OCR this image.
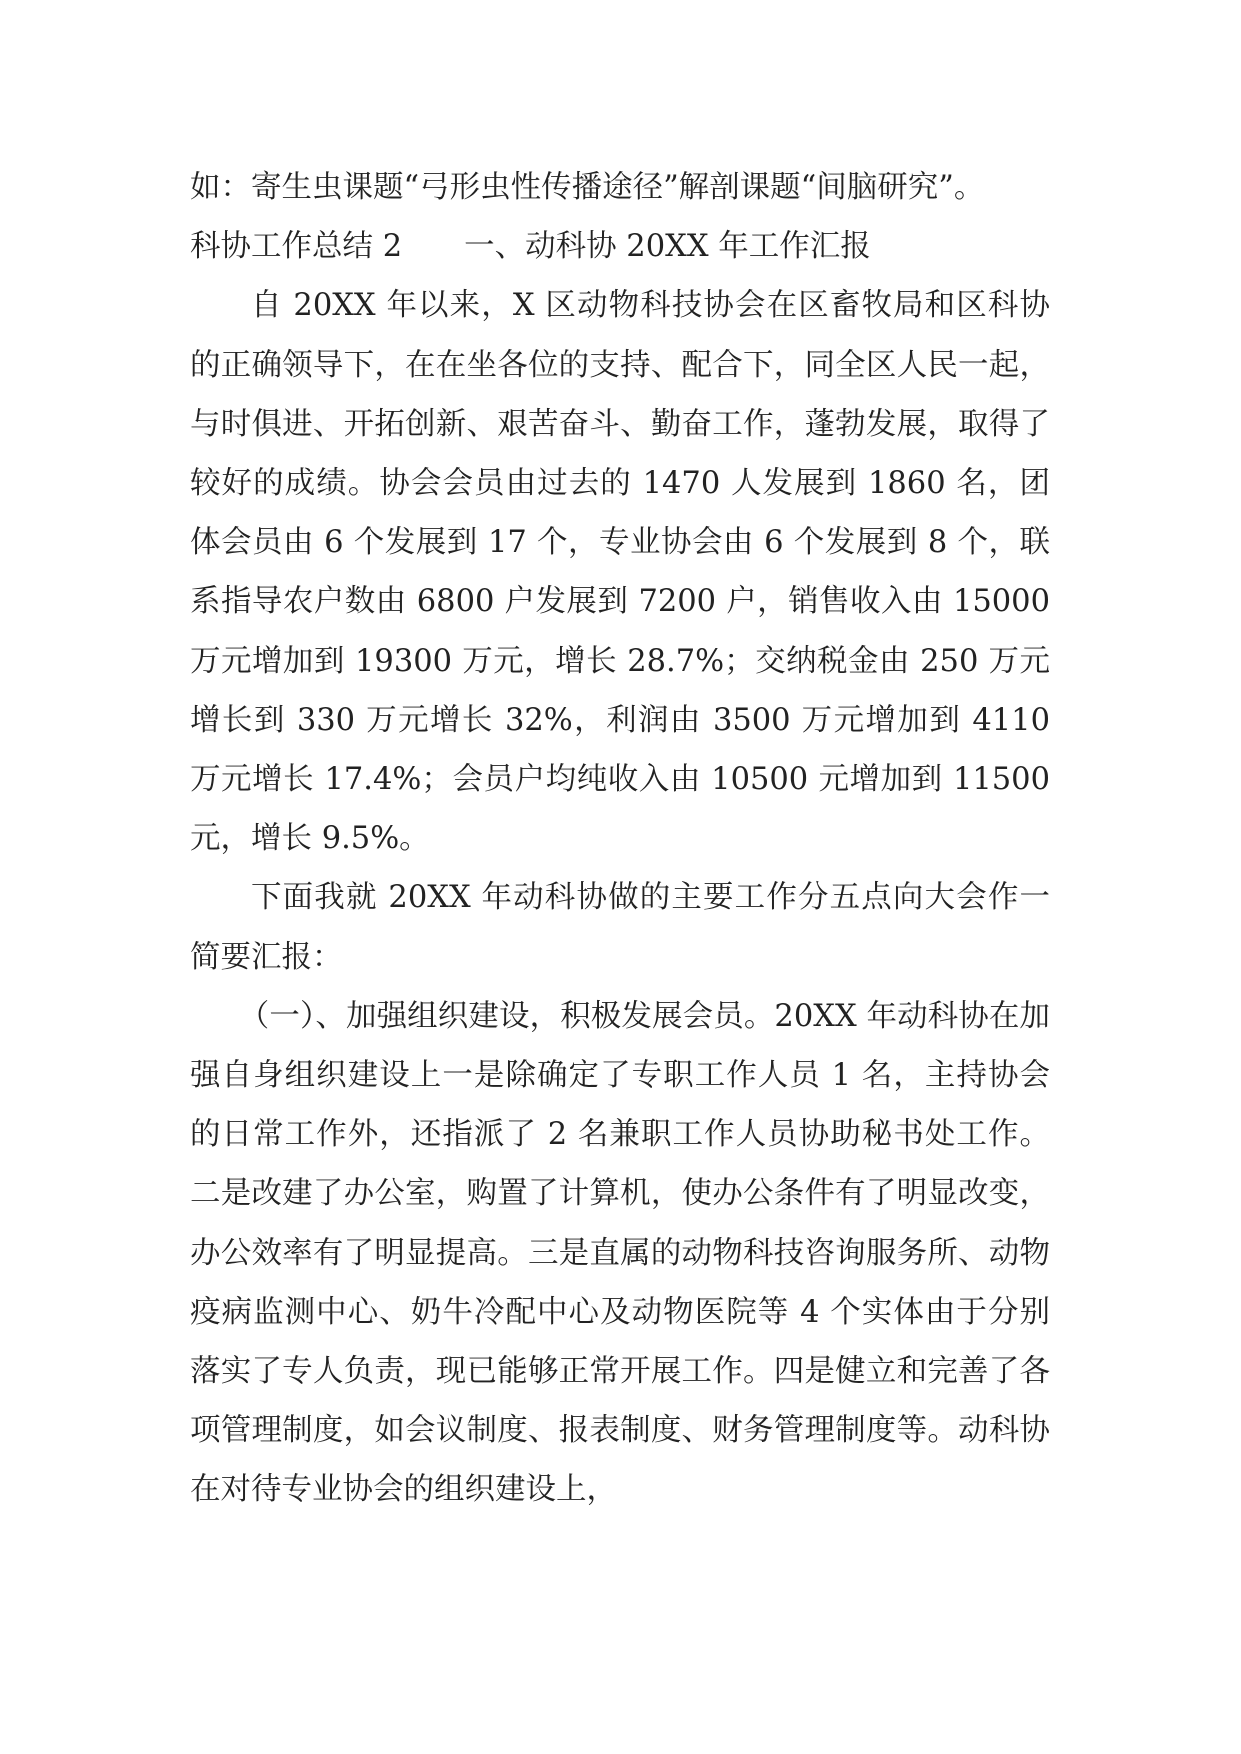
如：寄生虫课题“弓形虫性传播途径”解剖课题“间脑研究”。

科协工作总结 2 一、动科协 20XX 年工作汇报

自 20XX 年以来，X 区动物科技协会在区畜牧局和区科协的正确领导下，在在坐各位的支持、配合下，同全区人民一起，与时俱进、开拓创新、艰苦奋斗、勤奋工作，蓬勃发展，取得了较好的成绩。协会会员由过去的 1470 人发展到 1860 名，团体会员由 6 个发展到 17 个，专业协会由 6 个发展到 8 个，联系指导农户数由 6800 户发展到 7200 户，销售收入由 15000 万元增加到 19300 万元，增长 28.7%；交纳税金由 250 万元增长到 330 万元增长 32%，利润由 3500 万元增加到 4110 万元增长 17.4%；会员户均纯收入由 10500 元增加到 11500 元，增长 9.5%。

下面我就 20XX 年动科协做的主要工作分五点向大会作一简要汇报：

（一）、加强组织建设，积极发展会员。20XX 年动科协在加强自身组织建设上一是除确定了专职工作人员 1 名，主持协会的日常工作外，还指派了 2 名兼职工作人员协助秘书处工作。二是改建了办公室，购置了计算机，使办公条件有了明显改变，办公效率有了明显提高。三是直属的动物科技咨询服务所、动物疫病监测中心、奶牛冷配中心及动物医院等 4 个实体由于分别落实了专人负责，现已能够正常开展工作。四是健立和完善了各项管理制度，如会议制度、报表制度、财务管理制度等。动科协在对待专业协会的组织建设上，
